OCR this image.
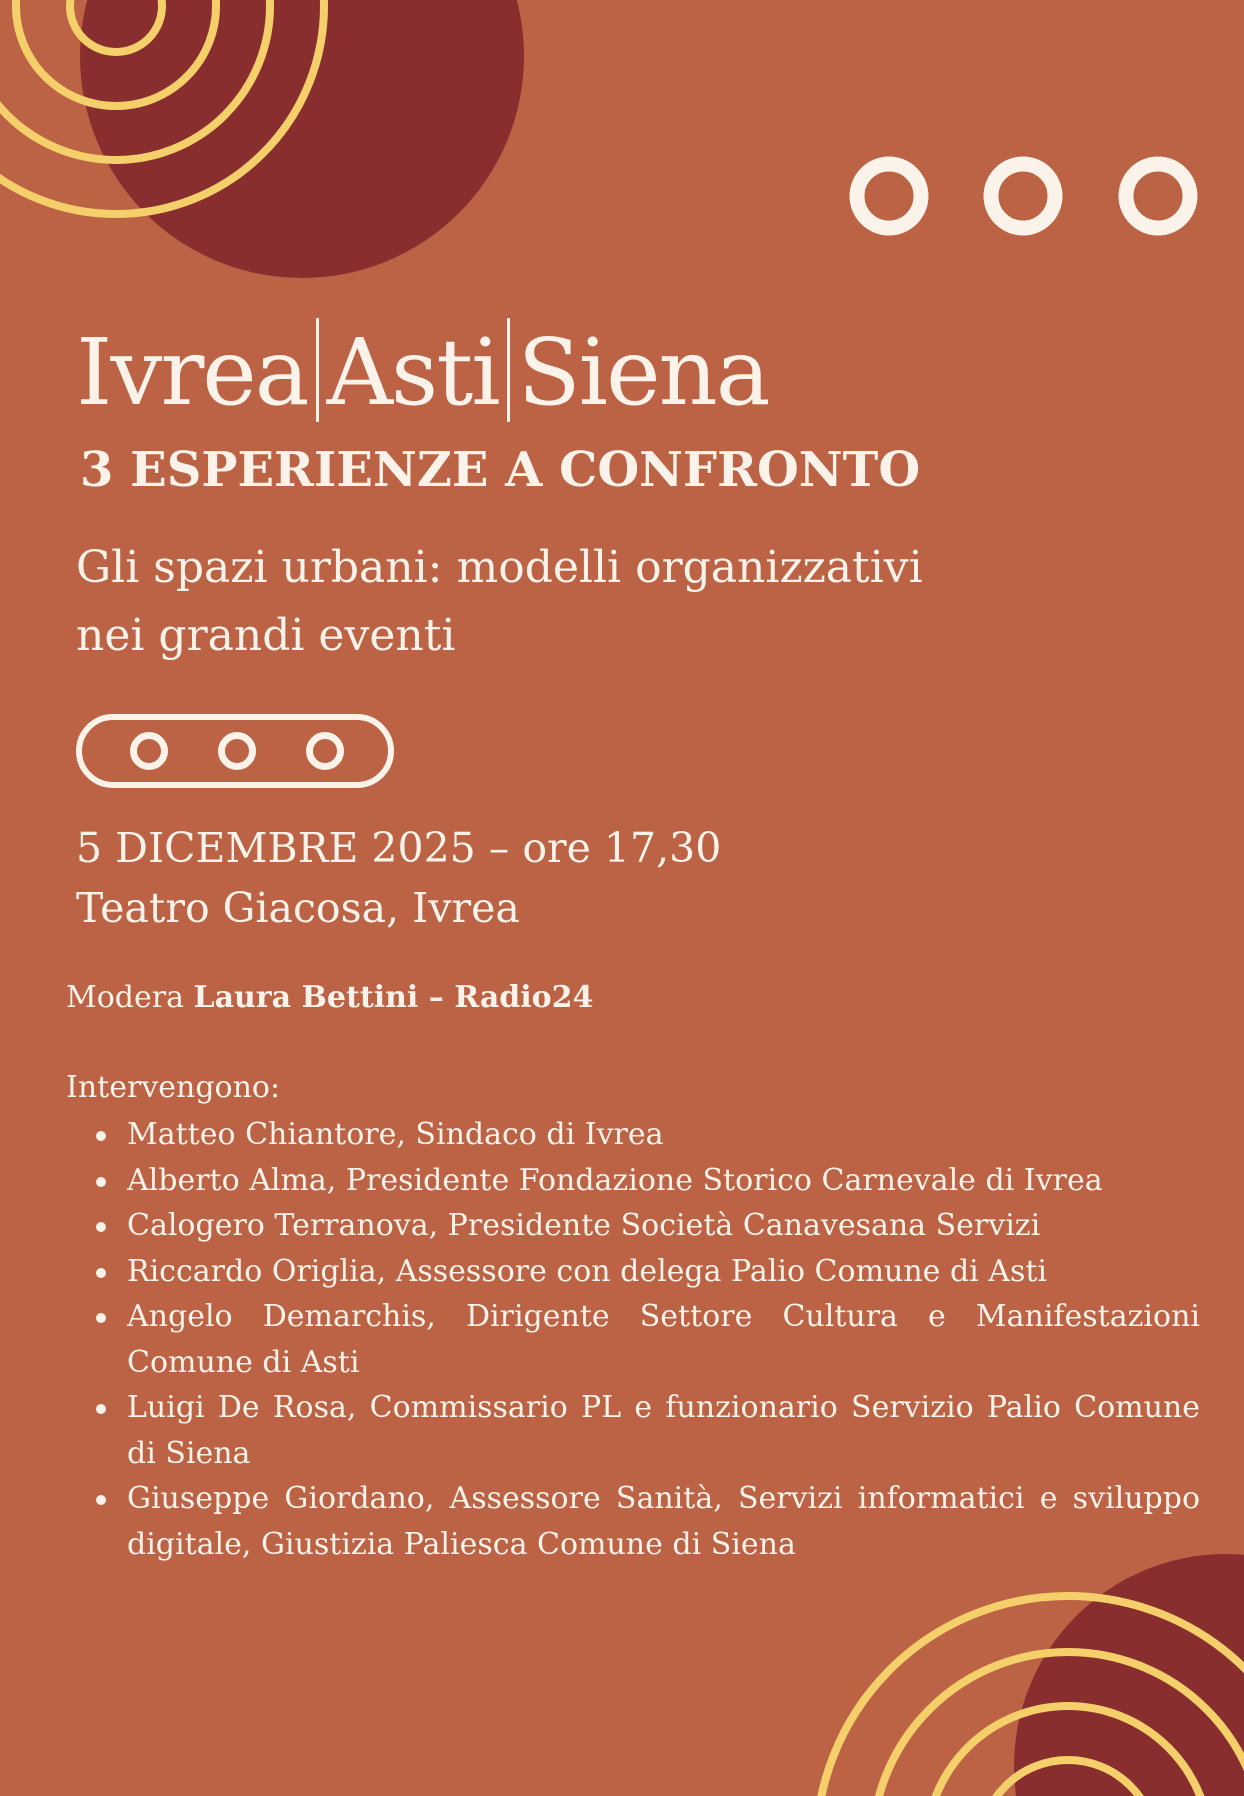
Ivrea Asti Siena
3 ESPERIENZE A CONFRONTO
Gli spazi urbani: modelli organizzativi
nei grandi eventi

5 DICEMBRE 2025 – ore 17,30
Teatro Giacosa, Ivrea

Modera Laura Bettini – Radio24

Intervengono:

Matteo Chiantore, Sindaco di Ivrea
Alberto Alma, Presidente Fondazione Storico Carnevale di Ivrea
Calogero Terranova, Presidente Società Canavesana Servizi
Riccardo Origlia, Assessore con delega Palio Comune di Asti
Angelo Demarchis, Dirigente Settore Cultura e Manifestazioni Comune di Asti
Luigi De Rosa, Commissario PL e funzionario Servizio Palio Comune di Siena
Giuseppe Giordano, Assessore Sanità, Servizi informatici e sviluppo digitale, Giustizia Paliesca Comune di Siena
